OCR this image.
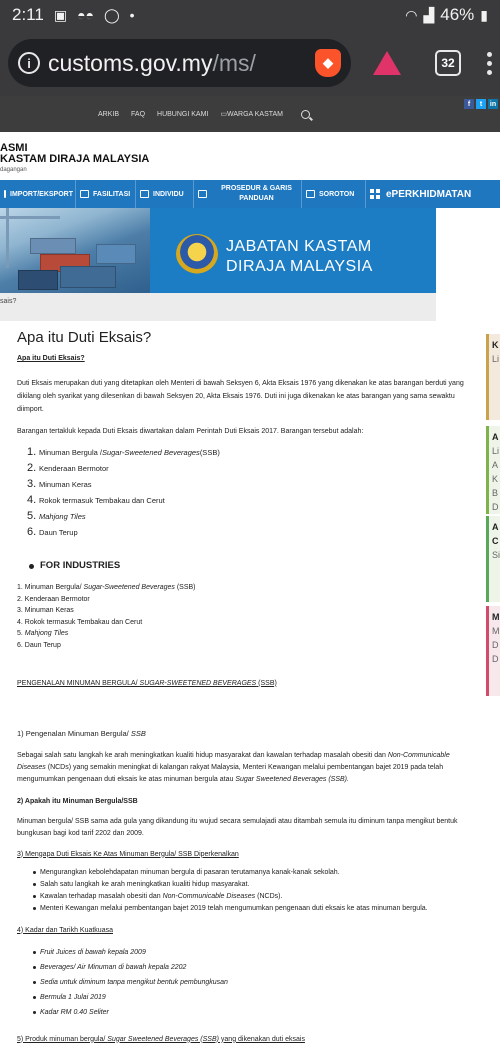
2:11 ▣ ◓◓ ◯ •	◠ ▟ 46% ▮
i customs.gov.my/ms/	◆	32
ARKIB FAQ HUBUNGI KAMI ▭WARGA KASTAM
f	t	in
ASMI
KASTAM DIRAJA MALAYSIA
dagangan
IMPORT/EKSPORT	FASILITASI	INDIVIDU
PROSEDUR & GARIS
PANDUAN
SOROTON	ePERKHIDMATAN
JABATAN KASTAM
DIRAJA MALAYSIA
sais?
Apa itu Duti Eksais?

Apa itu Duti Eksais?

Duti Eksais merupakan duti yang ditetapkan oleh Menteri di bawah Seksyen 6, Akta Eksais 1976 yang dikenakan ke atas barangan berduti yang dikilang oleh syarikat yang dilesenkan di bawah Seksyen 20, Akta Eksais 1976. Duti ini juga dikenakan ke atas barangan yang sama sewaktu diimport.

Barangan tertakluk kepada Duti Eksais diwartakan dalam Perintah Duti Eksais 2017. Barangan tersebut adalah:

1. Minuman Bergula / Sugar-Sweetened Beverages (SSB)
2. Kenderaan Bermotor
3. Minuman Keras
4. Rokok termasuk Tembakau dan Cerut
5. Mahjong Tiles
6. Daun Terup
FOR INDUSTRIES
1. Minuman Bergula/ Sugar-Sweetened Beverages (SSB)
2. Kenderaan Bermotor
3. Minuman Keras
4. Rokok termasuk Tembakau dan Cerut
5. Mahjong Tiles
6. Daun Terup

PENGENALAN MINUMAN BERGULA/ SUGAR-SWEETENED BEVERAGES (SSB)

1) Pengenalan Minuman Bergula/ SSB

Sebagai salah satu langkah ke arah meningkatkan kualiti hidup masyarakat dan kawalan terhadap masalah obesiti dan Non-Communicable Diseases (NCDs) yang semakin meningkat di kalangan rakyat Malaysia, Menteri Kewangan melalui pembentangan bajet 2019 pada telah mengumumkan pengenaan duti eksais ke atas minuman bergula atau Sugar Sweetened Beverages (SSB).

2) Apakah itu Minuman Bergula/SSB

Minuman bergula/ SSB sama ada gula yang dikandung itu wujud secara semulajadi atau ditambah semula itu diminum tanpa mengikut bentuk bungkusan bagi kod tarif 2202 dan 2009.

3) Mengapa Duti Eksais Ke Atas Minuman Bergula/ SSB Diperkenalkan

Mengurangkan kebolehdapatan minuman bergula di pasaran terutamanya kanak-kanak sekolah.
Salah satu langkah ke arah meningkatkan kualiti hidup masyarakat.
Kawalan terhadap masalah obesiti dan Non-Communicable Diseases (NCDs).
Menteri Kewangan melalui pembentangan bajet 2019 telah mengumumkan pengenaan duti eksais ke atas minuman bergula.

4) Kadar dan Tarikh Kuatkuasa

Fruit Juices di bawah kepala 2009
Beverages/ Air Minuman di bawah kepala 2202
Sedia untuk diminum tanpa mengikut bentuk pembungkusan
Bermula 1 Julai 2019
Kadar RM 0.40 Seliter

5) Produk minuman bergula/ Sugar Sweetened Beverages (SSB) yang dikenakan duti eksais

K
Li
A
Li
A
K
B
D
A
C
Si
M
M
D
D
